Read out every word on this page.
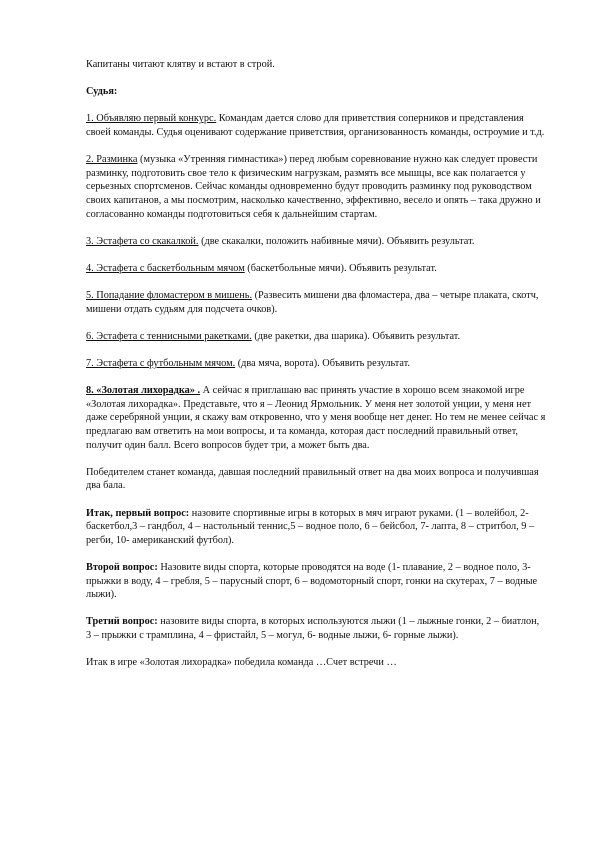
Капитаны читают клятву и встают в строй.

Судья:

1. Объявляю первый конкурс. Командам дается слово для приветствия соперников и представления своей команды. Судья оценивают содержание приветствия, организованность команды, остроумие и т.д.

2. Разминка (музыка «Утренняя гимнастика») перед любым соревнование нужно как следует провести разминку, подготовить свое тело к физическим нагрузкам, размять все мышцы, все как полагается у серьезных спортсменов. Сейчас команды одновременно будут проводить разминку под руководством своих капитанов, а мы посмотрим, насколько качественно, эффективно, весело и опять – така дружно и согласованно команды подготовиться себя к дальнейшим стартам.

3. Эстафета со скакалкой. (две скакалки, положить набивные мячи). Объявить результат.

4. Эстафета с баскетбольным мячом (баскетбольные мячи). Объявить результат.

5. Попадание фломастером в мишень. (Развесить мишени два фломастера, два – четыре плаката, скотч, мишени отдать судьям для подсчета очков).

6. Эстафета с теннисными ракетками. (две ракетки, два шарика). Объявить результат.

7. Эстафета с футбольным мячом. (два мяча, ворота). Объявить результат.

8. «Золотая лихорадка» . А сейчас я приглашаю вас принять участие в хорошо всем знакомой игре «Золотая лихорадка». Представьте, что я – Леонид Ярмольник. У меня нет золотой унции, у меня нет даже серебряной унции, я скажу вам откровенно, что у меня вообще нет денег. Но тем не менее сейчас я предлагаю вам ответить на мои вопросы, и та команда, которая даст последний правильный ответ, получит один балл. Всего вопросов будет три, а может быть два.

Победителем станет команда, давшая последний правильный ответ на два моих вопроса и получившая два бала.

Итак, первый вопрос: назовите спортивные игры в которых в мяч играют руками. (1 – волейбол, 2- баскетбол,3 – гандбол, 4 – настольный теннис,5 – водное поло, 6 – бейсбол, 7- лапта, 8 – стритбол, 9 – регби, 10- американский футбол).

Второй вопрос: Назовите виды спорта, которые проводятся на воде (1- плавание, 2 – водное поло, 3- прыжки в воду, 4 – гребля, 5 – парусный спорт, 6 – водомоторный спорт, гонки на скутерах, 7 – водные лыжи).

Третий вопрос: назовите виды спорта, в которых используются лыжи (1 – лыжные гонки, 2 – биатлон, 3 – прыжки с трамплина, 4 – фристайл, 5 – могул, 6- водные лыжи, 6- горные лыжи).

Итак в игре «Золотая лихорадка» победила команда …Счет встречи …
